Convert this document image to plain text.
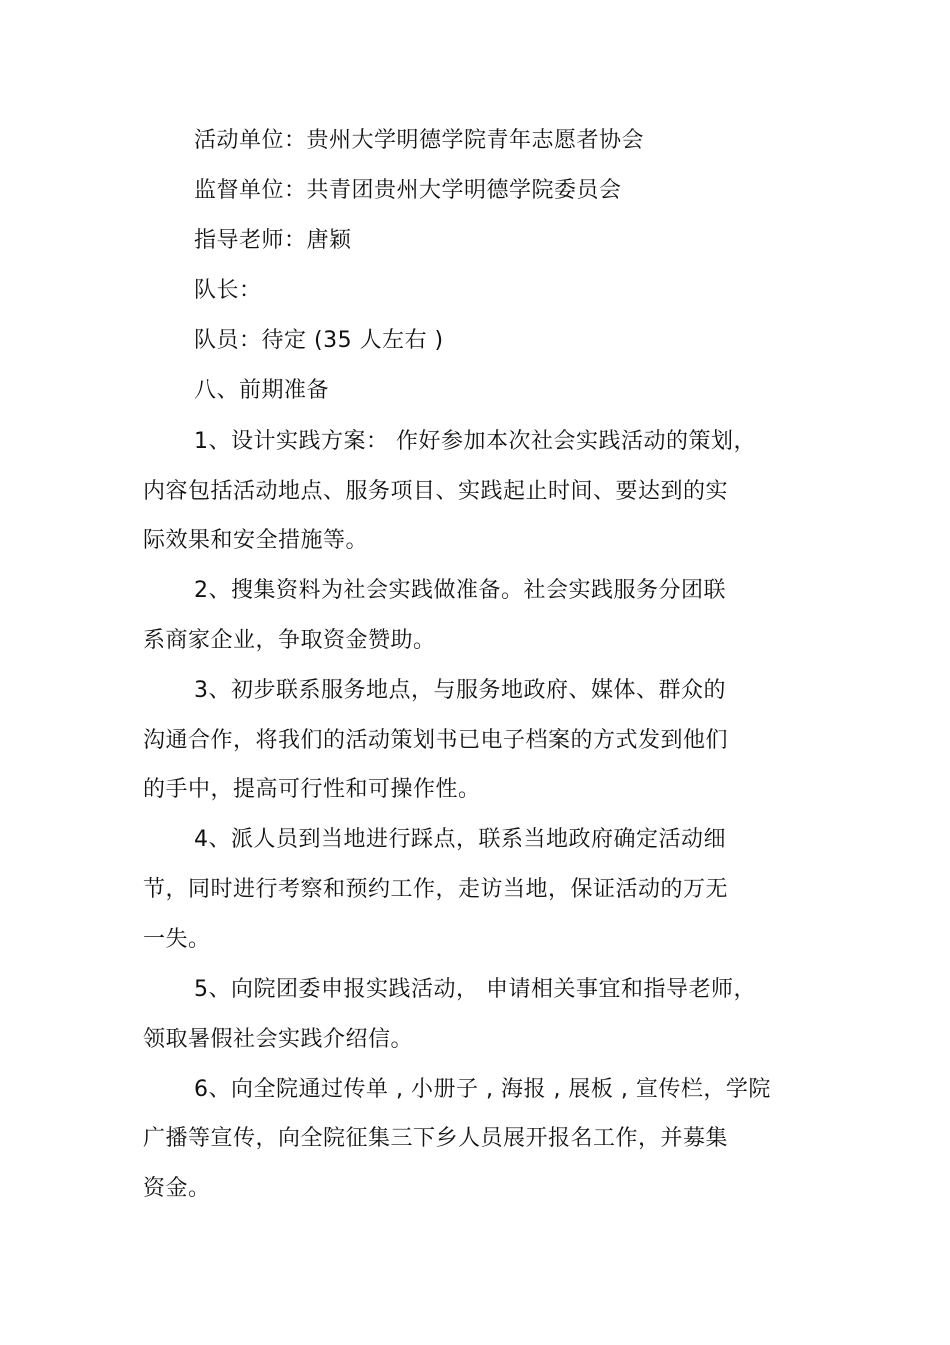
活动单位：贵州大学明德学院青年志愿者协会
监督单位：共青团贵州大学明德学院委员会
指导老师：唐颖
队长：
队员：待定 (35 人左右 )
八、前期准备
1、设计实践方案： 作好参加本次社会实践活动的策划，
内容包括活动地点、服务项目、实践起止时间、要达到的实
际效果和安全措施等。
2、搜集资料为社会实践做准备。社会实践服务分团联
系商家企业，争取资金赞助。
3、初步联系服务地点，与服务地政府、媒体、群众的
沟通合作，将我们的活动策划书已电子档案的方式发到他们
的手中，提高可行性和可操作性。
4、派人员到当地进行踩点，联系当地政府确定活动细
节，同时进行考察和预约工作，走访当地，保证活动的万无
一失。
5、向院团委申报实践活动， 申请相关事宜和指导老师，
领取暑假社会实践介绍信。
6、向全院通过传单 , 小册子 , 海报 , 展板 , 宣传栏，学院
广播等宣传，向全院征集三下乡人员展开报名工作，并募集
资金。
